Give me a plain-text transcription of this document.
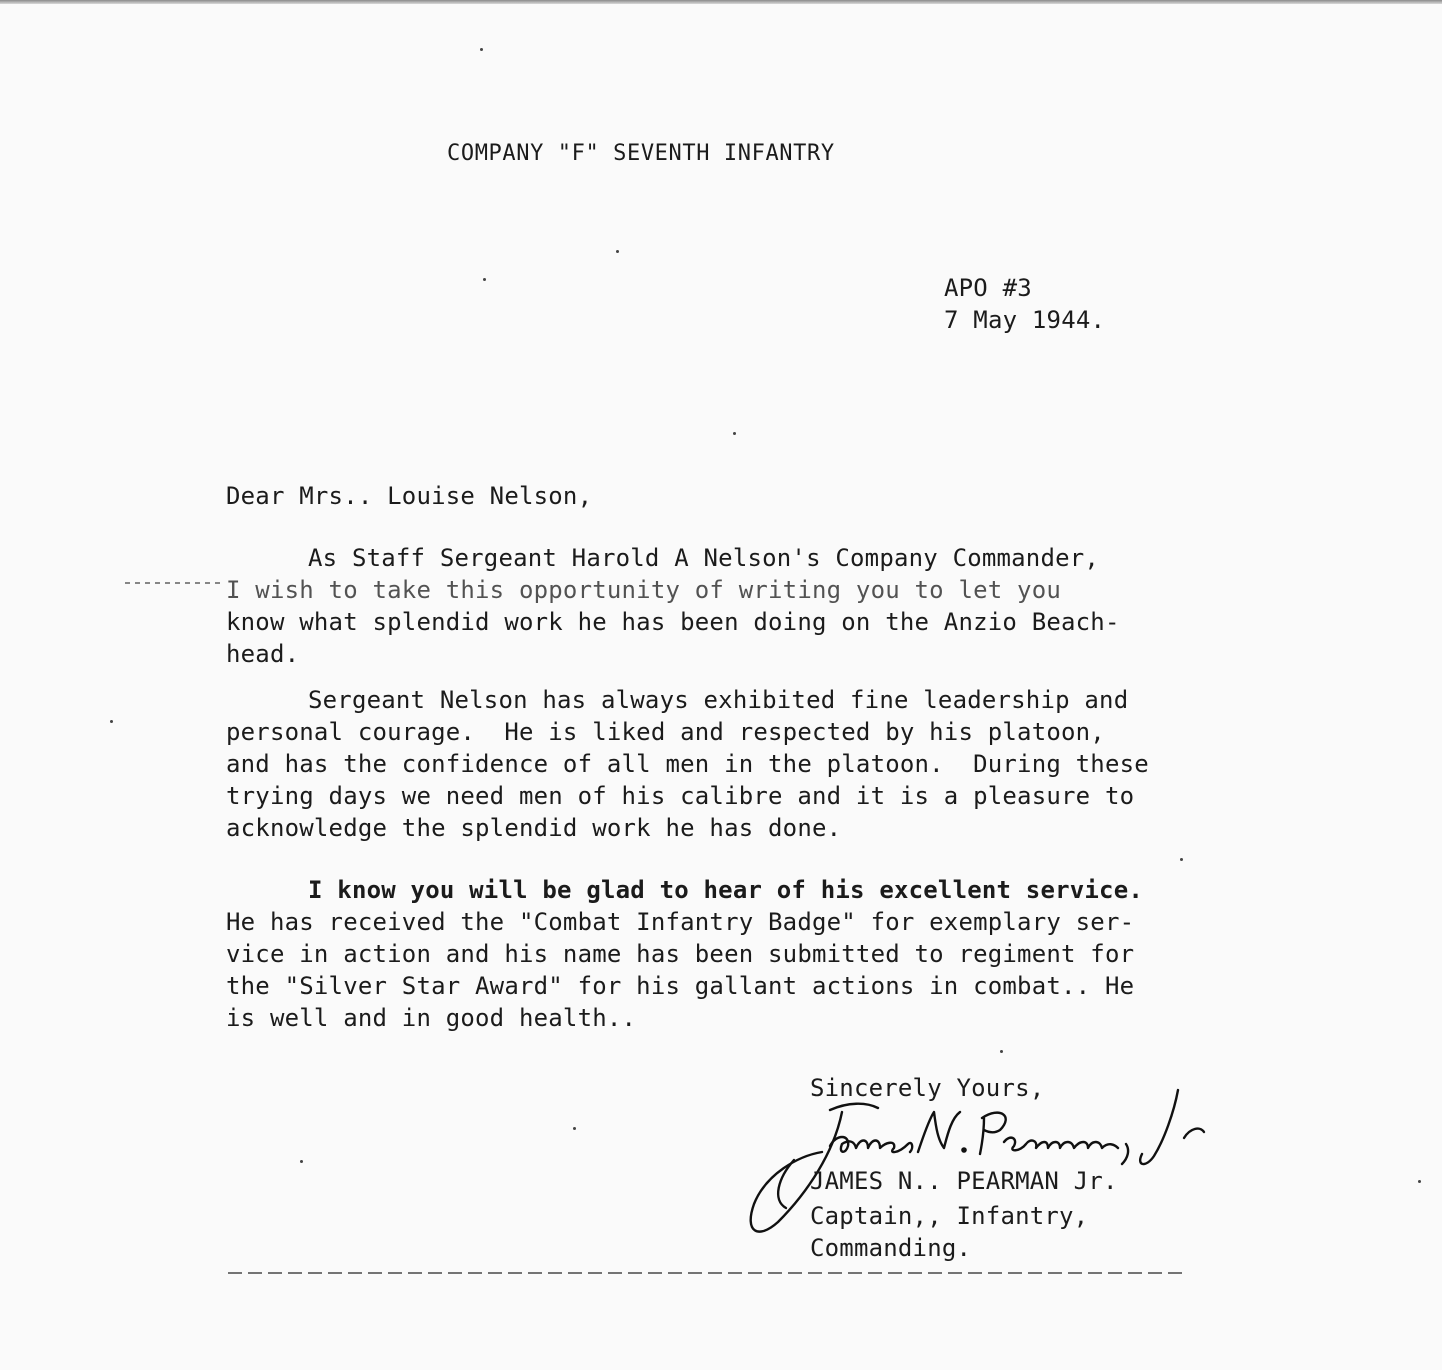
COMPANY "F" SEVENTH INFANTRY
APO #3
7 May 1944.
Dear Mrs.. Louise Nelson,
As Staff Sergeant Harold A Nelson's Company Commander,
I wish to take this opportunity of writing you to let you
know what splendid work he has been doing on the Anzio Beach-
head.
Sergeant Nelson has always exhibited fine leadership and
personal courage.  He is liked and respected by his platoon,
and has the confidence of all men in the platoon.  During these
trying days we need men of his calibre and it is a pleasure to
acknowledge the splendid work he has done.
I know you will be glad to hear of his excellent service.
He has received the "Combat Infantry Badge" for exemplary ser-
vice in action and his name has been submitted to regiment for
the "Silver Star Award" for his gallant actions in combat.. He
is well and in good health..
Sincerely Yours,
JAMES N.. PEARMAN Jr.
Captain,, Infantry,
Commanding.
